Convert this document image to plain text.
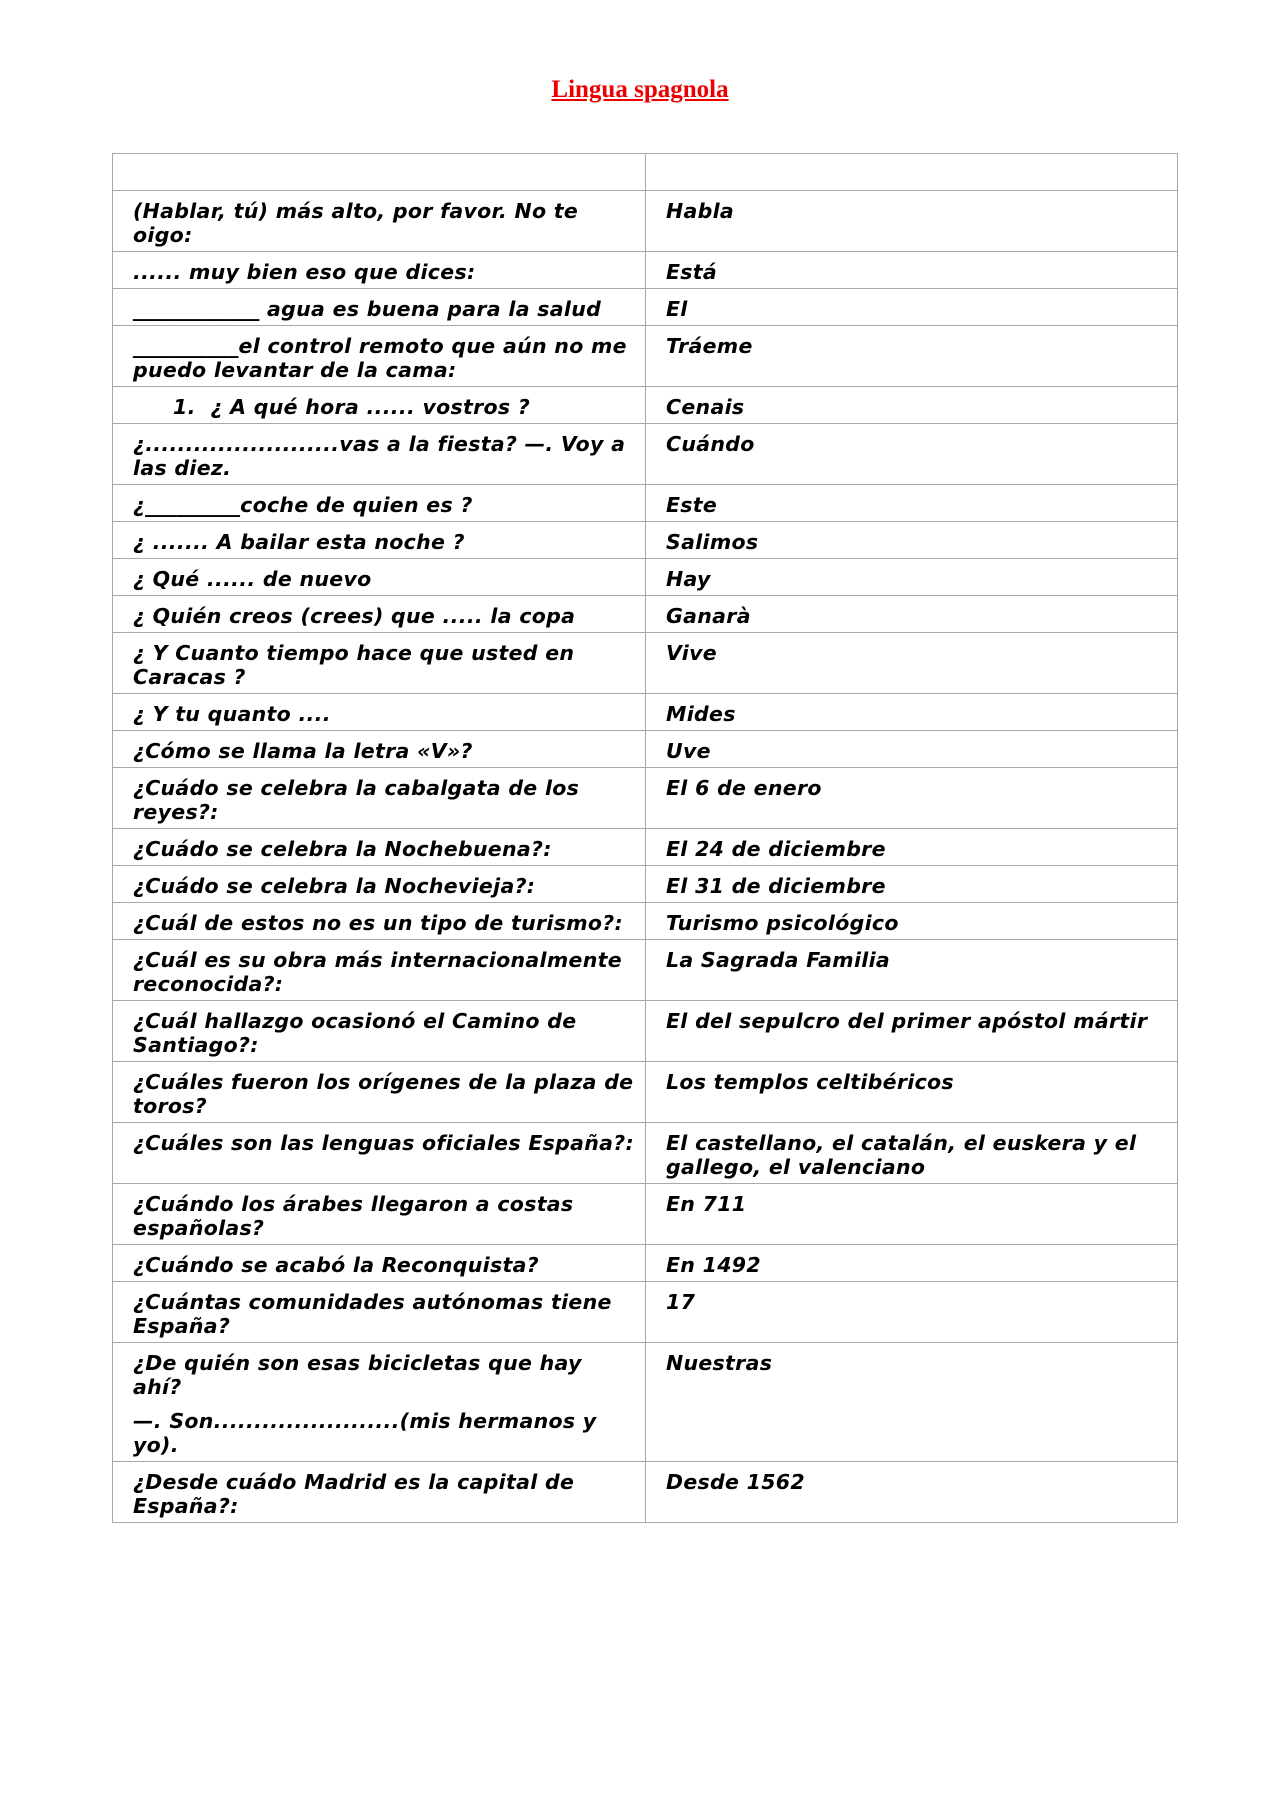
Lingua spagnola

(Hablar, tú) más alto, por favor. No te oigo:	Habla
...... muy bien eso que dices:	Está
____________ agua es buena para la salud	El
__________el control remoto que aún no me puedo levantar de la cama:	Tráeme
1. ¿ A qué hora ...... vostros ?	Cenais
¿........................vas a la fiesta? —. Voy a las diez.	Cuándo
¿_________coche de quien es ?	Este
¿ ....... A bailar esta noche ?	Salimos
¿ Qué ...... de nuevo	Hay
¿ Quién creos (crees) que ..... la copa	Ganarà
¿ Y Cuanto tiempo hace que usted en Caracas ?	Vive
¿ Y tu quanto ....	Mides
¿Cómo se llama la letra «V»?	Uve
¿Cuádo se celebra la cabalgata de los reyes?:	El 6 de enero
¿Cuádo se celebra la Nochebuena?:	El 24 de diciembre
¿Cuádo se celebra la Nochevieja?:	El 31 de diciembre
¿Cuál de estos no es un tipo de turismo?:	Turismo psicológico
¿Cuál es su obra más internacionalmente reconocida?:	La Sagrada Familia
¿Cuál hallazgo ocasionó el Camino de Santiago?:	El del sepulcro del primer apóstol mártir
¿Cuáles fueron los orígenes de la plaza de toros?	Los templos celtibéricos
¿Cuáles son las lenguas oficiales España?:	El castellano, el catalán, el euskera y el gallego, el valenciano
¿Cuándo los árabes llegaron a costas españolas?	En 711
¿Cuándo se acabó la Reconquista?	En 1492
¿Cuántas comunidades autónomas tiene España?	17
¿De quién son esas bicicletas que hay ahí?
—. Son.......................(mis hermanos y yo).	Nuestras
¿Desde cuádo Madrid es la capital de España?:	Desde 1562
